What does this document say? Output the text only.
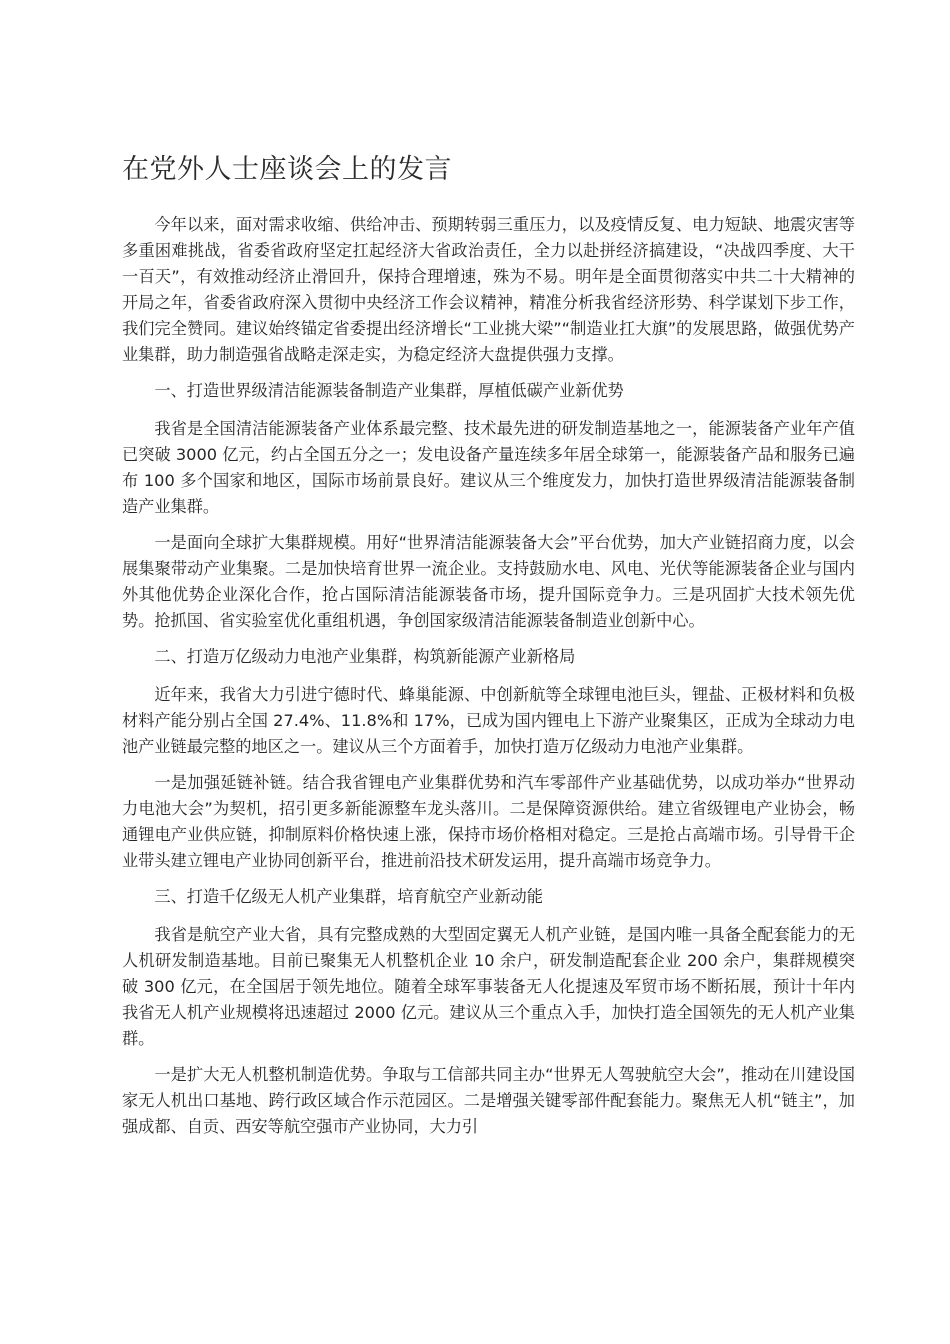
在党外人士座谈会上的发言

今年以来，面对需求收缩、供给冲击、预期转弱三重压力，以及疫情反复、电力短缺、地震灾害等多重困难挑战，省委省政府坚定扛起经济大省政治责任，全力以赴拼经济搞建设，“决战四季度、大干一百天”，有效推动经济止滑回升，保持合理增速，殊为不易。明年是全面贯彻落实中共二十大精神的开局之年，省委省政府深入贯彻中央经济工作会议精神，精准分析我省经济形势、科学谋划下步工作，我们完全赞同。建议始终锚定省委提出经济增长“工业挑大梁”“制造业扛大旗”的发展思路，做强优势产业集群，助力制造强省战略走深走实，为稳定经济大盘提供强力支撑。

一、打造世界级清洁能源装备制造产业集群，厚植低碳产业新优势

我省是全国清洁能源装备产业体系最完整、技术最先进的研发制造基地之一，能源装备产业年产值已突破 3000 亿元，约占全国五分之一；发电设备产量连续多年居全球第一，能源装备产品和服务已遍布 100 多个国家和地区，国际市场前景良好。建议从三个维度发力，加快打造世界级清洁能源装备制造产业集群。

一是面向全球扩大集群规模。用好“世界清洁能源装备大会”平台优势，加大产业链招商力度，以会展集聚带动产业集聚。二是加快培育世界一流企业。支持鼓励水电、风电、光伏等能源装备企业与国内外其他优势企业深化合作，抢占国际清洁能源装备市场，提升国际竞争力。三是巩固扩大技术领先优势。抢抓国、省实验室优化重组机遇，争创国家级清洁能源装备制造业创新中心。

二、打造万亿级动力电池产业集群，构筑新能源产业新格局

近年来，我省大力引进宁德时代、蜂巢能源、中创新航等全球锂电池巨头，锂盐、正极材料和负极材料产能分别占全国 27.4%、11.8%和 17%，已成为国内锂电上下游产业聚集区，正成为全球动力电池产业链最完整的地区之一。建议从三个方面着手，加快打造万亿级动力电池产业集群。

一是加强延链补链。结合我省锂电产业集群优势和汽车零部件产业基础优势，以成功举办“世界动力电池大会”为契机，招引更多新能源整车龙头落川。二是保障资源供给。建立省级锂电产业协会，畅通锂电产业供应链，抑制原料价格快速上涨，保持市场价格相对稳定。三是抢占高端市场。引导骨干企业带头建立锂电产业协同创新平台，推进前沿技术研发运用，提升高端市场竞争力。

三、打造千亿级无人机产业集群，培育航空产业新动能

我省是航空产业大省，具有完整成熟的大型固定翼无人机产业链，是国内唯一具备全配套能力的无人机研发制造基地。目前已聚集无人机整机企业 10 余户，研发制造配套企业 200 余户，集群规模突破 300 亿元，在全国居于领先地位。随着全球军事装备无人化提速及军贸市场不断拓展，预计十年内我省无人机产业规模将迅速超过 2000 亿元。建议从三个重点入手，加快打造全国领先的无人机产业集群。

一是扩大无人机整机制造优势。争取与工信部共同主办“世界无人驾驶航空大会”，推动在川建设国家无人机出口基地、跨行政区域合作示范园区。二是增强关键零部件配套能力。聚焦无人机“链主”，加强成都、自贡、西安等航空强市产业协同，大力引
